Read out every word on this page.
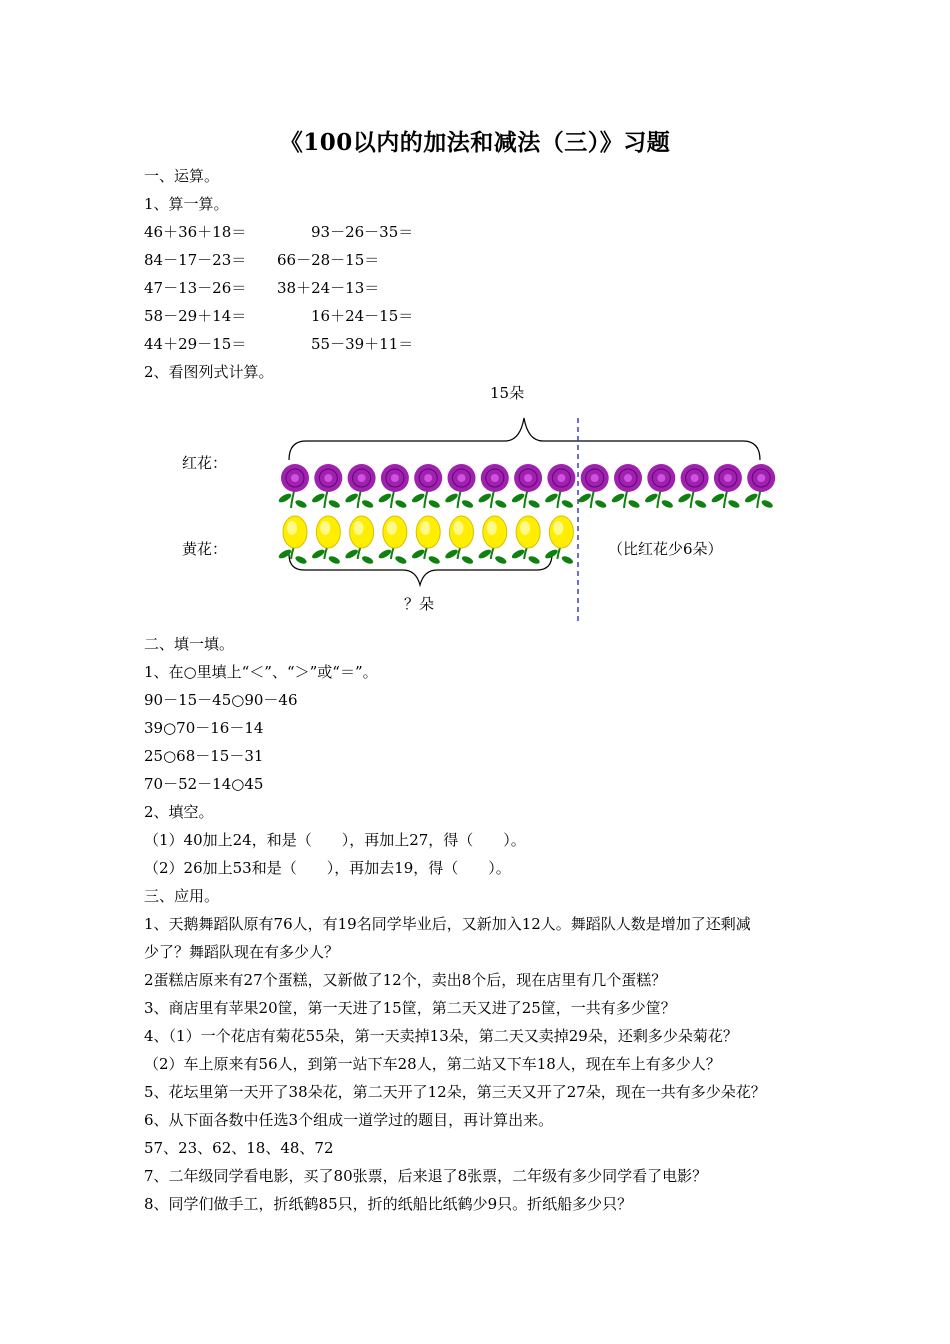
《100以内的加法和减法（三）》习题
一、运算。
1、算一算。
46＋36＋18＝	93－26－35＝
84－17－23＝ 66－28－15＝
47－13－26＝ 38＋24－13＝
58－29＋14＝	16＋24－15＝
44＋29－15＝	55－39＋11＝
2、看图列式计算。
15朵
红花：
黄花：	（比红花少6朵）
？朵
二、填一填。
1、在○里填上“＜”、“＞”或“＝”。
90－15－45○90－46
39○70－16－14
25○68－15－31
70－52－14○45
2、填空。
（1）40加上24，和是（　　），再加上27，得（　　）。
（2）26加上53和是（　　），再加去19，得（　　）。
三、应用。
1、天鹅舞蹈队原有76人，有19名同学毕业后，又新加入12人。舞蹈队人数是增加了还剩减
少了？舞蹈队现在有多少人？
2蛋糕店原来有27个蛋糕，又新做了12个，卖出8个后，现在店里有几个蛋糕？
3、商店里有苹果20筐，第一天进了15筐，第二天又进了25筐，一共有多少筐？
4、（1）一个花店有菊花55朵，第一天卖掉13朵，第二天又卖掉29朵，还剩多少朵菊花？
（2）车上原来有56人，到第一站下车28人，第二站又下车18人，现在车上有多少人？
5、花坛里第一天开了38朵花，第二天开了12朵，第三天又开了27朵，现在一共有多少朵花？
6、从下面各数中任选3个组成一道学过的题目，再计算出来。
57、23、62、18、48、72
7、二年级同学看电影，买了80张票，后来退了8张票，二年级有多少同学看了电影？
8、同学们做手工，折纸鹤85只，折的纸船比纸鹤少9只。折纸船多少只？
